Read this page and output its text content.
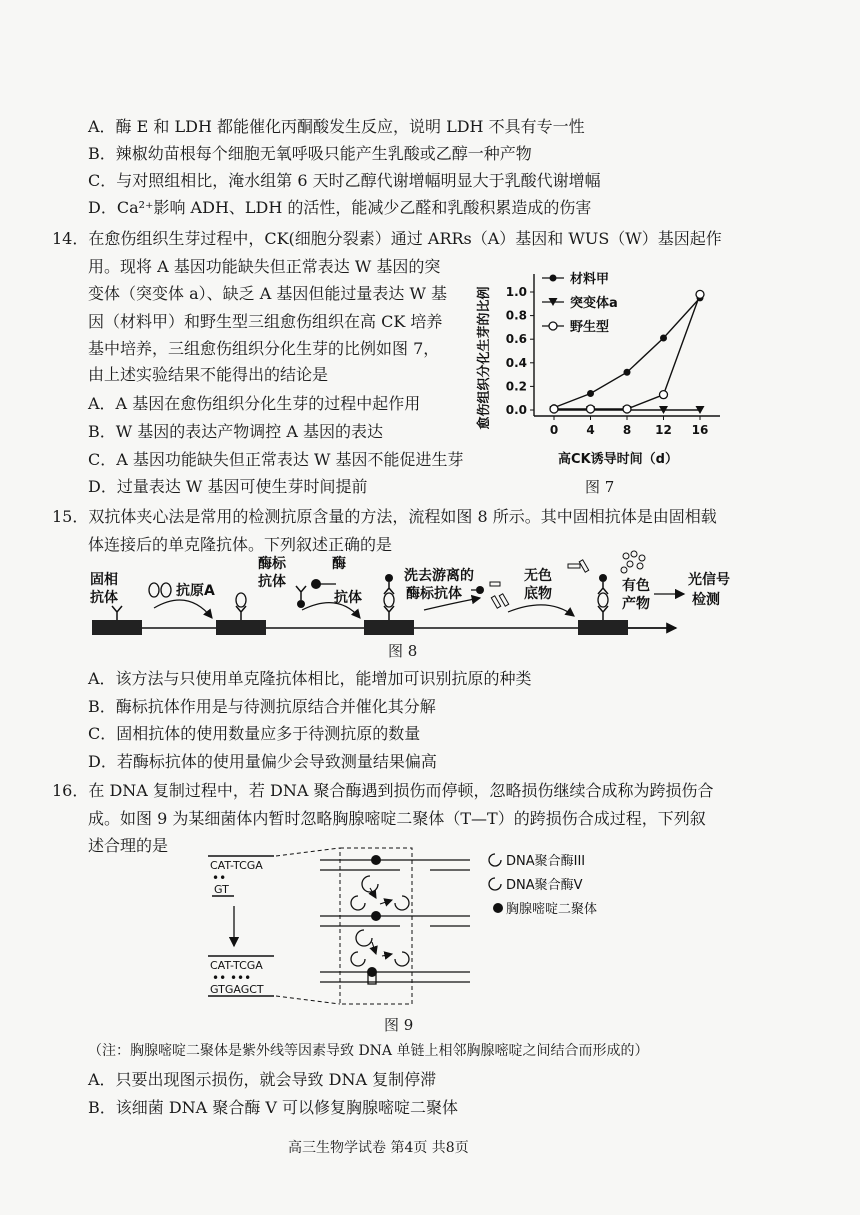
A．酶 E 和 LDH 都能催化丙酮酸发生反应，说明 LDH 不具有专一性
B．辣椒幼苗根每个细胞无氧呼吸只能产生乳酸或乙醇一种产物
C．与对照组相比，淹水组第 6 天时乙醇代谢增幅明显大于乳酸代谢增幅
D．Ca²⁺影响 ADH、LDH 的活性，能减少乙醛和乳酸积累造成的伤害
14．在愈伤组织生芽过程中，CK(细胞分裂素）通过 ARRs（A）基因和 WUS（W）基因起作
用。现将 A 基因功能缺失但正常表达 W 基因的突
变体（突变体 a）、缺乏 A 基因但能过量表达 W 基
因（材料甲）和野生型三组愈伤组织在高 CK 培养
基中培养，三组愈伤组织分化生芽的比例如图 7，
由上述实验结果不能得出的结论是
A．A 基因在愈伤组织分化生芽的过程中起作用
B．W 基因的表达产物调控 A 基因的表达
C．A 基因功能缺失但正常表达 W 基因不能促进生芽
D．过量表达 W 基因可使生芽时间提前
愈伤组织分化生芽的比例 0.0
0.2
0.4
0.6
0.8
1.0
0 4 8 12 16
材料甲
突变体a
野生型
高CK诱导时间（d）
图 7
15．双抗体夹心法是常用的检测抗原含量的方法，流程如图 8 所示。其中固相抗体是由固相载
体连接后的单克隆抗体。下列叙述正确的是
固相
抗体	抗原A
酶标
抗体
酶
抗体
洗去游离的
酶标抗体
无色
底物	有色
产物
光信号
检测
图 8
A．该方法与只使用单克隆抗体相比，能增加可识别抗原的种类
B．酶标抗体作用是与待测抗原结合并催化其分解
C．固相抗体的使用数量应多于待测抗原的数量
D．若酶标抗体的使用量偏少会导致测量结果偏高
16．在 DNA 复制过程中，若 DNA 聚合酶遇到损伤而停顿，忽略损伤继续合成称为跨损伤合
成。如图 9 为某细菌体内暂时忽略胸腺嘧啶二聚体（T—T）的跨损伤合成过程，下列叙
述合理的是
CAT-TCGA
••
GT
CAT-TCGA
•• •••
GTGAGCT
DNA聚合酶III
DNA聚合酶V
胸腺嘧啶二聚体
图 9
（注：胸腺嘧啶二聚体是紫外线等因素导致 DNA 单链上相邻胸腺嘧啶之间结合而形成的）
A．只要出现图示损伤，就会导致 DNA 复制停滞
B．该细菌 DNA 聚合酶 V 可以修复胸腺嘧啶二聚体
高三生物学试卷 第4页 共8页
